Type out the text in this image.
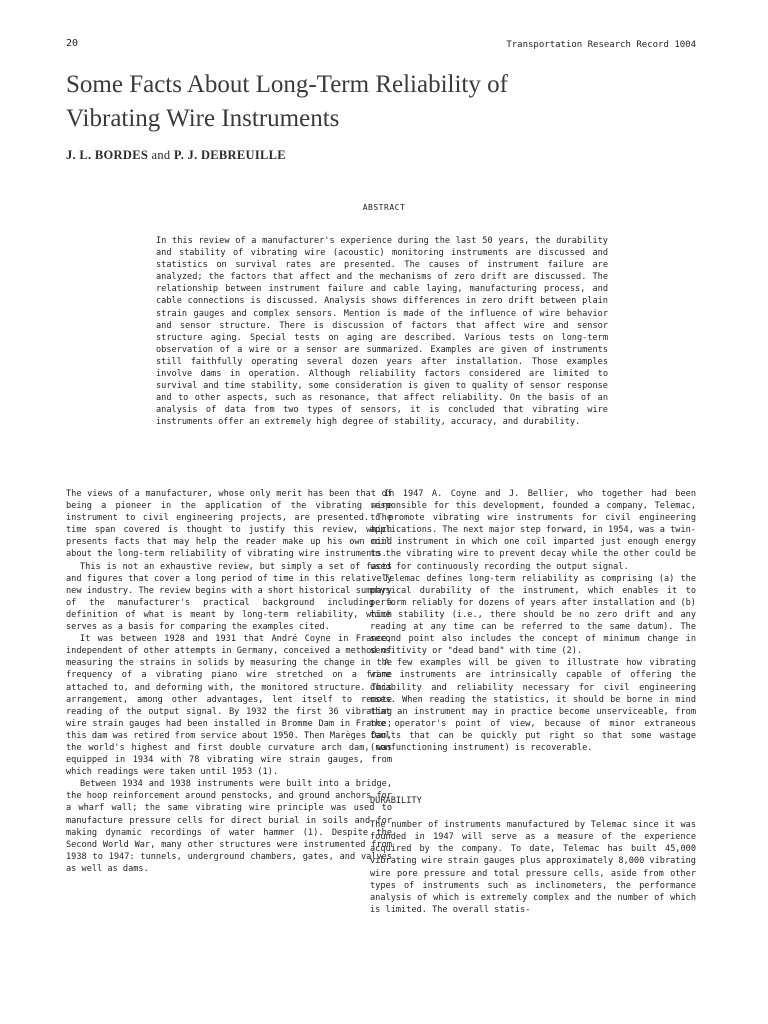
20	Transportation Research Record 1004
Some Facts About Long-Term Reliability of
Vibrating Wire Instruments
J. L. BORDES and P. J. DEBREUILLE
ABSTRACT

In this review of a manufacturer's experience during the last 50 years, the durability and stability of vibrating wire (acoustic) monitoring instruments are discussed and statistics on survival rates are presented. The causes of instrument failure are analyzed; the factors that affect and the mechanisms of zero drift are discussed. The relationship between instrument failure and cable laying, manufacturing process, and cable connections is discussed. Analysis shows differences in zero drift between plain strain gauges and complex sensors. Mention is made of the influence of wire behavior and sensor structure. There is discussion of factors that affect wire and sensor structure aging. Special tests on aging are described. Various tests on long-term observation of a wire or a sensor are summarized. Examples are given of instruments still faithfully operating several dozen years after installation. Those examples involve dams in operation. Although reliability factors considered are limited to survival and time stability, some consideration is given to quality of sensor response and to other aspects, such as resonance, that affect reliability. On the basis of an analysis of data from two types of sensors, it is concluded that vibrating wire instruments offer an extremely high degree of stability, accuracy, and durability.

The views of a manufacturer, whose only merit has been that of being a pioneer in the application of the vibrating wire instrument to civil engineering projects, are presented. The time span covered is thought to justify this review, which presents facts that may help the reader make up his own mind about the long-term reliability of vibrating wire instruments.

This is not an exhaustive review, but simply a set of facts and figures that cover a long period of time in this relatively new industry. The review begins with a short historical summary of the manufacturer's practical background including a definition of what is meant by long-term reliability, which serves as a basis for comparing the examples cited.

It was between 1928 and 1931 that André Coyne in France, independent of other attempts in Germany, conceived a method of measuring the strains in solids by measuring the change in the frequency of a vibrating piano wire stretched on a frame attached to, and deforming with, the monitored structure. This arrangement, among other advantages, lent itself to remote reading of the output signal. By 1932 the first 36 vibrating wire strain gauges had been installed in Bromme Dam in France; this dam was retired from service about 1950. Then Marèges Dam, the world's highest and first double curvature arch dam, was equipped in 1934 with 78 vibrating wire strain gauges, from which readings were taken until 1953 (1).

Between 1934 and 1938 instruments were built into a bridge, the hoop reinforcement around penstocks, and ground anchors for a wharf wall; the same vibrating wire principle was used to manufacture pressure cells for direct burial in soils and for making dynamic recordings of water hammer (1). Despite the Second World War, many other structures were instrumented from 1938 to 1947: tunnels, underground chambers, gates, and valves as well as dams.

In 1947 A. Coyne and J. Bellier, who together had been responsible for this development, founded a company, Telemac, to promote vibrating wire instruments for civil engineering applications. The next major step forward, in 1954, was a twin-coil instrument in which one coil imparted just enough energy to the vibrating wire to prevent decay while the other could be used for continuously recording the output signal.

Telemac defines long-term reliability as comprising (a) the physical durability of the instrument, which enables it to perform reliably for dozens of years after installation and (b) time stability (i.e., there should be no zero drift and any reading at any time can be referred to the same datum). The second point also includes the concept of minimum change in sensitivity or "dead band" with time (2).

A few examples will be given to illustrate how vibrating wire instruments are intrinsically capable of offering the durability and reliability necessary for civil engineering uses. When reading the statistics, it should be borne in mind that an instrument may in practice become unserviceable, from the operator's point of view, because of minor extraneous faults that can be quickly put right so that some wastage (nonfunctioning instrument) is recoverable.

DURABILITY

The number of instruments manufactured by Telemac since it was founded in 1947 will serve as a measure of the experience acquired by the company. To date, Telemac has built 45,000 vibrating wire strain gauges plus approximately 8,000 vibrating wire pore pressure and total pressure cells, aside from other types of instruments such as inclinometers, the performance analysis of which is extremely complex and the number of which is limited. The overall statis-
